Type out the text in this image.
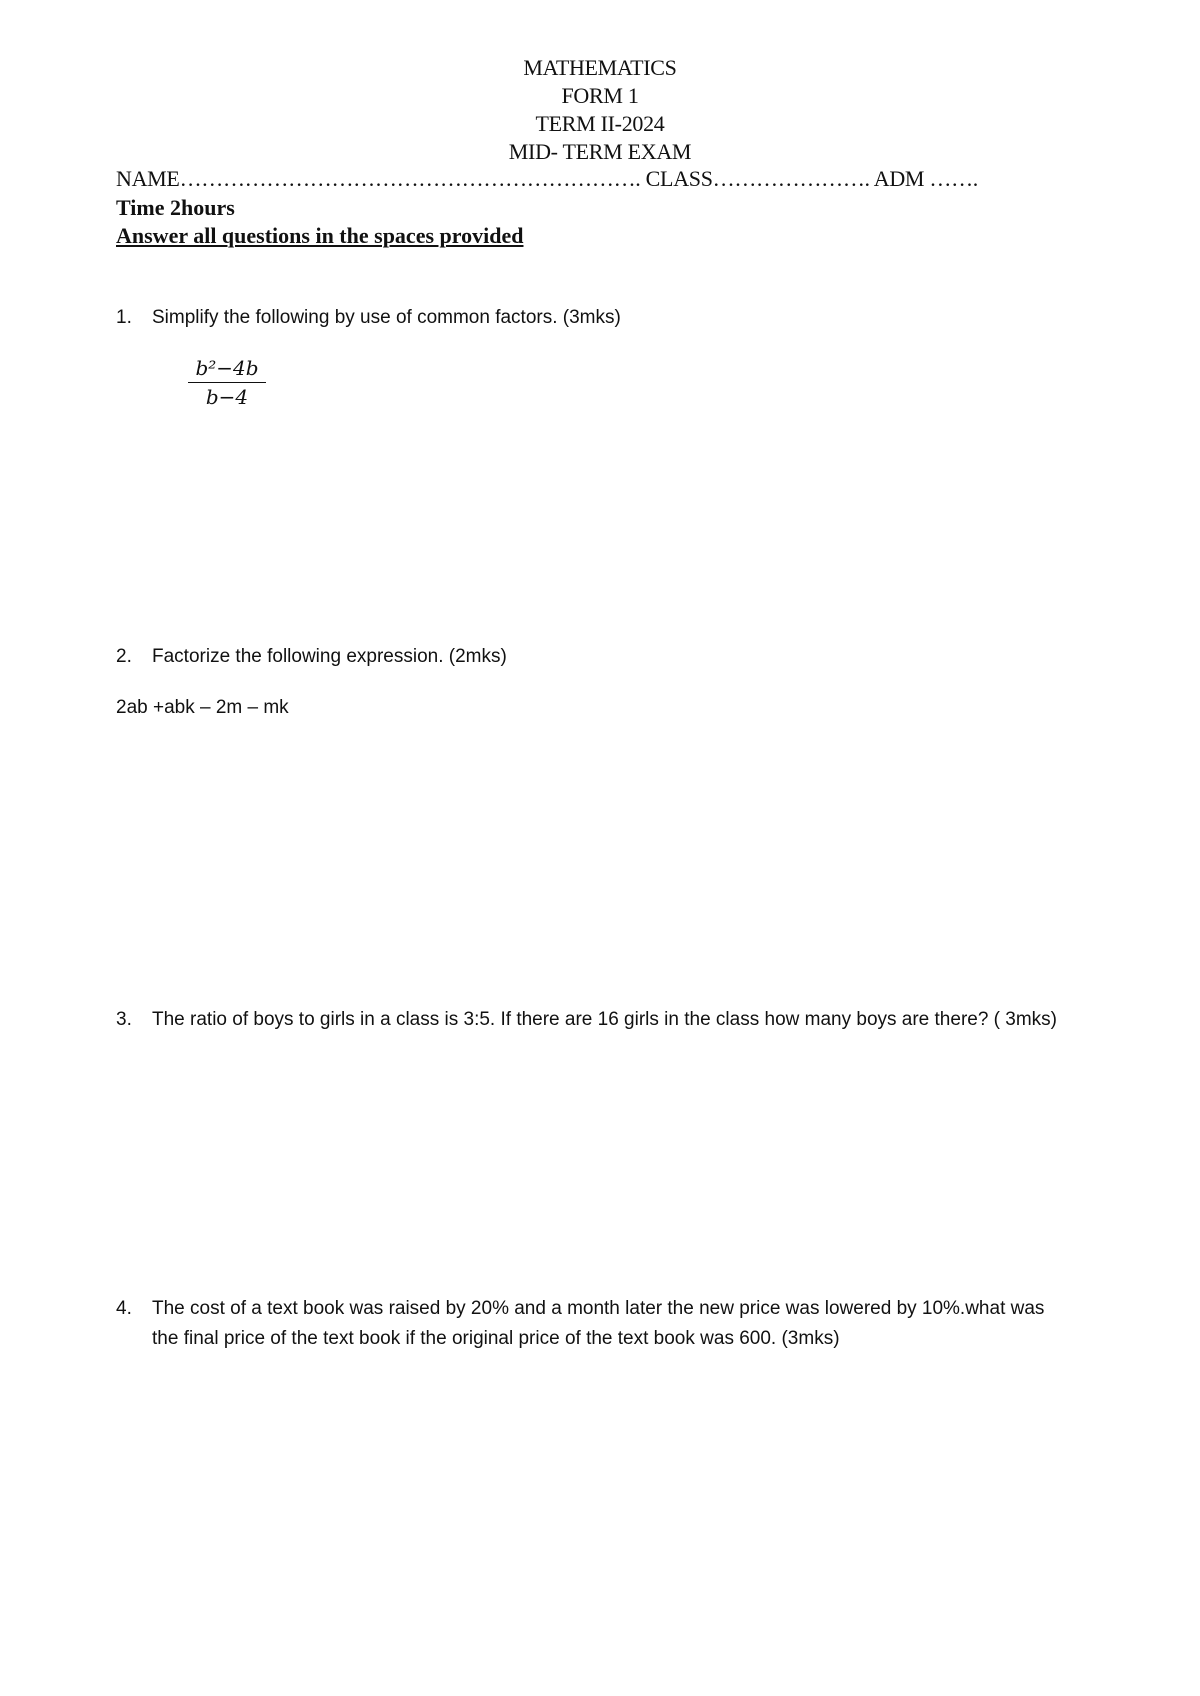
MATHEMATICS
FORM 1
TERM II-2024
MID- TERM EXAM
NAME………………………………………………………. CLASS…………………. ADM …….
Time 2hours
Answer all questions in the spaces provided
1.	Simplify the following by use of common factors. (3mks)
$\frac{\text{b²−4b}}{b-4}$
2.	Factorize the following expression. (2mks)
2ab +abk – 2m – mk
3.	The ratio of boys to girls in a class is 3:5. If there are 16 girls in the class how many boys are there? ( 3mks)
4.	The cost of a text book was raised by 20% and a month later the new price was lowered by 10%.what was the final price of the text book if the original price of the text book was 600. (3mks)
